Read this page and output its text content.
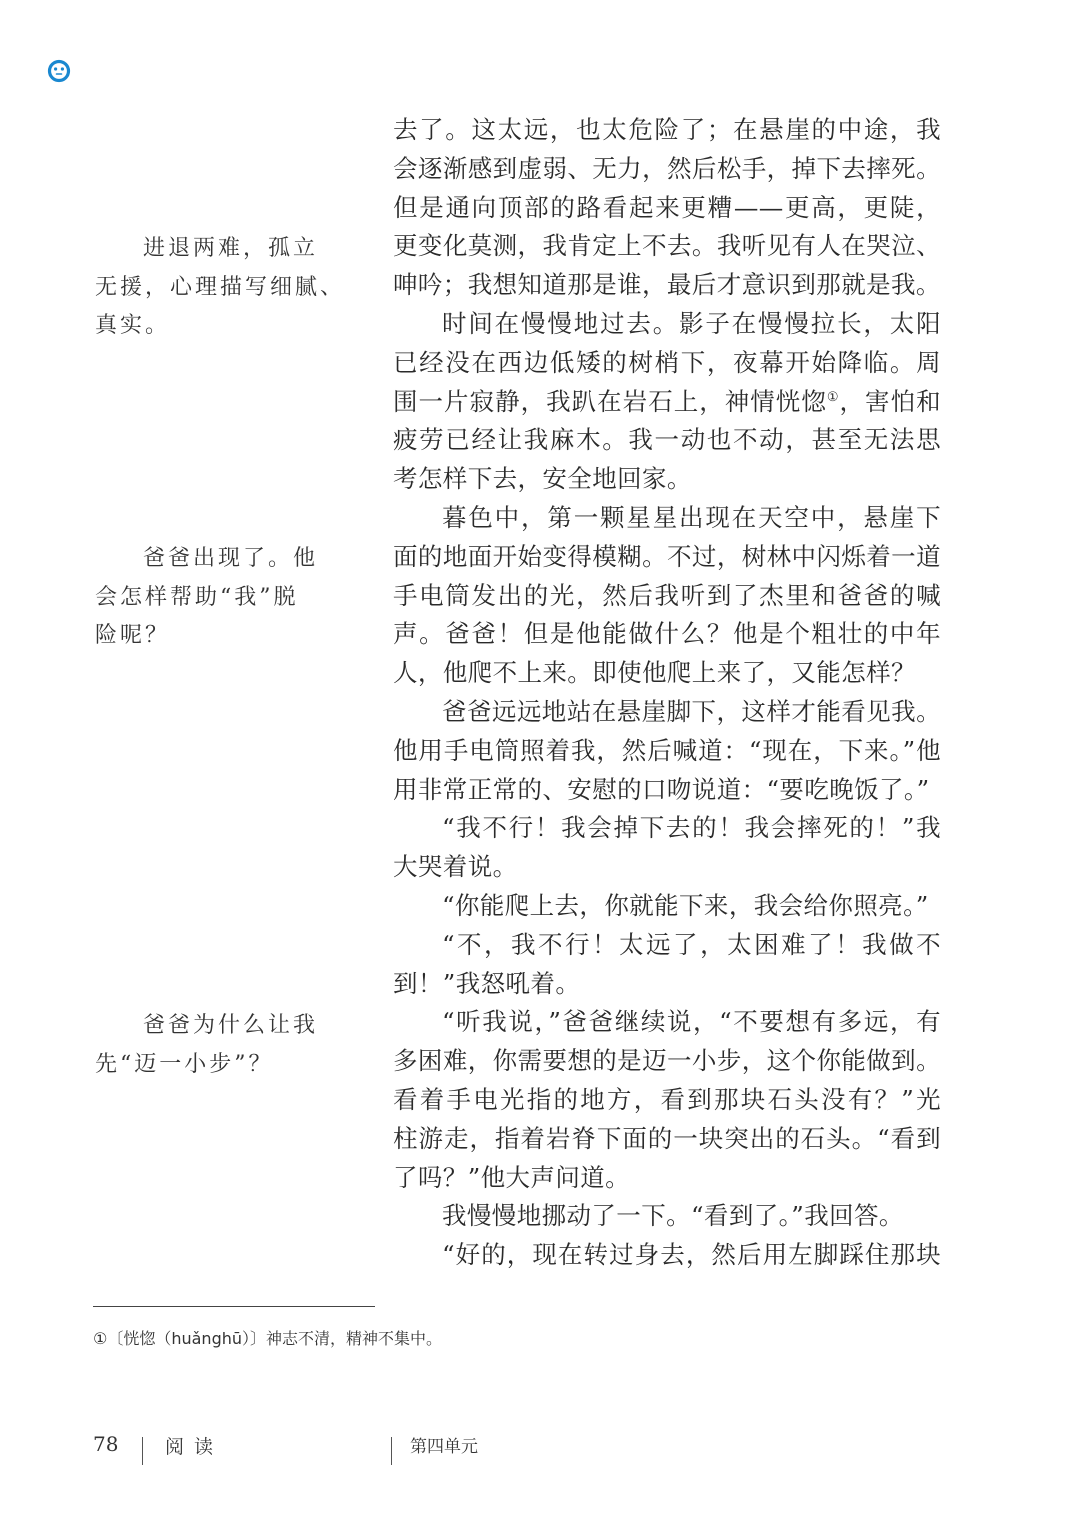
去了。这太远，也太危险了；在悬崖的中途，我
会逐渐感到虚弱、无力，然后松手，掉下去摔死。
但是通向顶部的路看起来更糟——更高，更陡，
更变化莫测，我肯定上不去。我听见有人在哭泣、
呻吟；我想知道那是谁，最后才意识到那就是我。
时间在慢慢地过去。影子在慢慢拉长，太阳
已经没在西边低矮的树梢下，夜幕开始降临。周
围一片寂静，我趴在岩石上，神情恍惚①，害怕和
疲劳已经让我麻木。我一动也不动，甚至无法思
考怎样下去，安全地回家。
暮色中，第一颗星星出现在天空中，悬崖下
面的地面开始变得模糊。不过，树林中闪烁着一道
手电筒发出的光，然后我听到了杰里和爸爸的喊
声。爸爸！但是他能做什么？他是个粗壮的中年
人，他爬不上来。即使他爬上来了，又能怎样？
爸爸远远地站在悬崖脚下，这样才能看见我。
他用手电筒照着我，然后喊道：“现在，下来。”他
用非常正常的、安慰的口吻说道：“要吃晚饭了。”
“我不行！我会掉下去的！我会摔死的！”我
大哭着说。
“你能爬上去，你就能下来，我会给你照亮。”
“不，我不行！太远了，太困难了！我做不
到！”我怒吼着。
“听我说，”爸爸继续说，“不要想有多远，有
多困难，你需要想的是迈一小步，这个你能做到。
看着手电光指的地方，看到那块石头没有？”光
柱游走，指着岩脊下面的一块突出的石头。“看到
了吗？”他大声问道。
我慢慢地挪动了一下。“看到了。”我回答。
“好的，现在转过身去，然后用左脚踩住那块
进退两难，孤立
无援，心理描写细腻、
真实。
爸爸出现了。他
会怎样帮助“我”脱
险呢？
爸爸为什么让我
先“迈一小步”？
①〔恍惚（huǎnghū）〕神志不清，精神不集中。
78 阅读	第四单元
